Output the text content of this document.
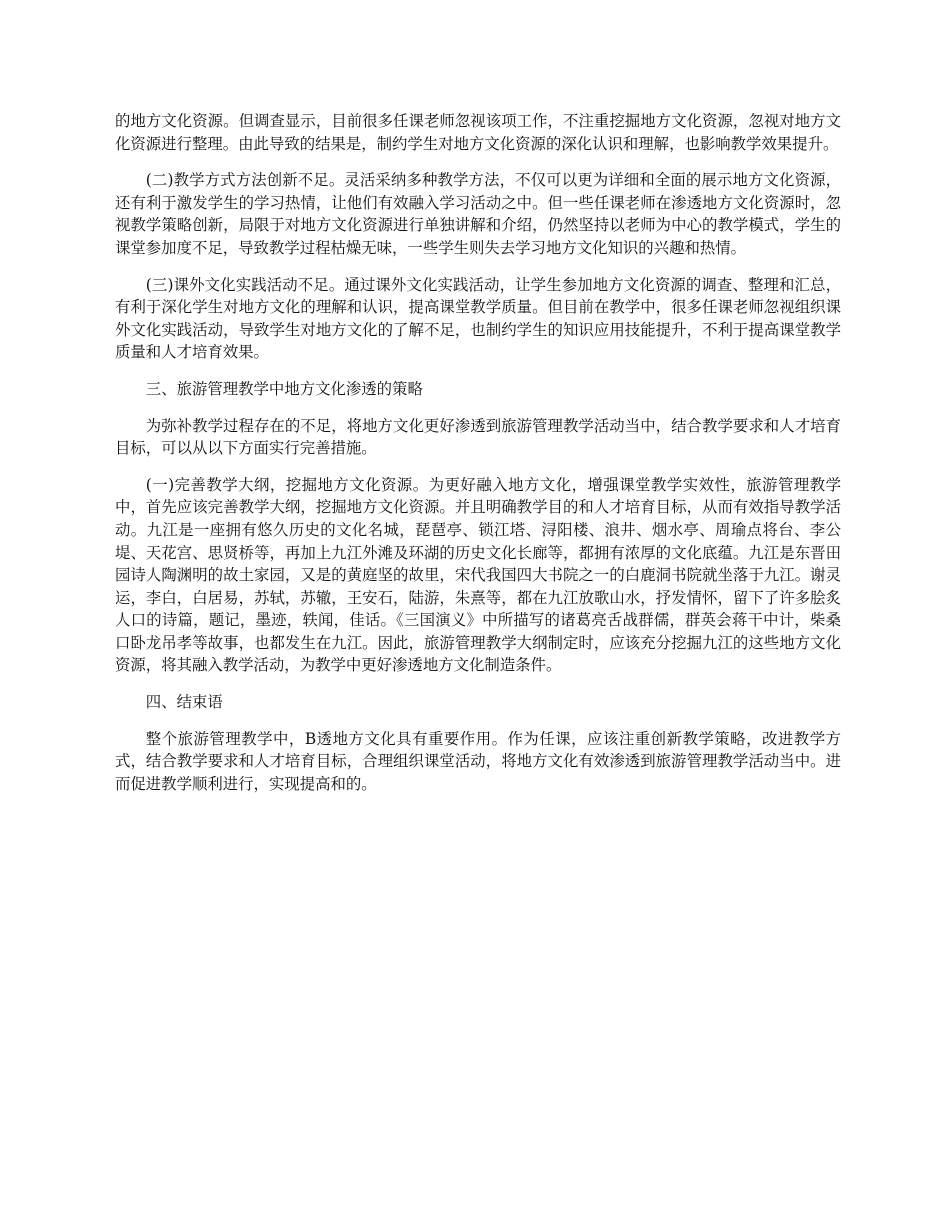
的地方文化资源。但调查显示，目前很多任课老师忽视该项工作，不注重挖掘地方文化资源，忽视对地方文化资源进行整理。由此导致的结果是，制约学生对地方文化资源的深化认识和理解，也影响教学效果提升。

(二)教学方式方法创新不足。灵活采纳多种教学方法，不仅可以更为详细和全面的展示地方文化资源，还有利于激发学生的学习热情，让他们有效融入学习活动之中。但一些任课老师在渗透地方文化资源时，忽视教学策略创新，局限于对地方文化资源进行单独讲解和介绍，仍然坚持以老师为中心的教学模式，学生的课堂参加度不足，导致教学过程枯燥无味，一些学生则失去学习地方文化知识的兴趣和热情。

(三)课外文化实践活动不足。通过课外文化实践活动，让学生参加地方文化资源的调查、整理和汇总，有利于深化学生对地方文化的理解和认识，提高课堂教学质量。但目前在教学中，很多任课老师忽视组织课外文化实践活动，导致学生对地方文化的了解不足，也制约学生的知识应用技能提升，不利于提高课堂教学质量和人才培育效果。

三、旅游管理教学中地方文化渗透的策略

为弥补教学过程存在的不足，将地方文化更好渗透到旅游管理教学活动当中，结合教学要求和人才培育目标，可以从以下方面实行完善措施。

(一)完善教学大纲，挖掘地方文化资源。为更好融入地方文化，增强课堂教学实效性，旅游管理教学中，首先应该完善教学大纲，挖掘地方文化资源。并且明确教学目的和人才培育目标，从而有效指导教学活动。九江是一座拥有悠久历史的文化名城，琵琶亭、锁江塔、浔阳楼、浪井、烟水亭、周瑜点将台、李公堤、天花宫、思贤桥等，再加上九江外滩及环湖的历史文化长廊等，都拥有浓厚的文化底蕴。九江是东晋田园诗人陶渊明的故土家园，又是的黄庭坚的故里，宋代我国四大书院之一的白鹿洞书院就坐落于九江。谢灵运，李白，白居易，苏轼，苏辙，王安石，陆游，朱熹等，都在九江放歌山水，抒发情怀，留下了许多脍炙人口的诗篇，题记，墨迹，轶闻，佳话。《三国演义》中所描写的诸葛亮舌战群儒，群英会蒋干中计，柴桑口卧龙吊孝等故事，也都发生在九江。因此，旅游管理教学大纲制定时，应该充分挖掘九江的这些地方文化资源，将其融入教学活动，为教学中更好渗透地方文化制造条件。

四、结束语

整个旅游管理教学中，B透地方文化具有重要作用。作为任课，应该注重创新教学策略，改进教学方式，结合教学要求和人才培育目标，合理组织课堂活动，将地方文化有效渗透到旅游管理教学活动当中。进而促进教学顺利进行，实现提高和的。
